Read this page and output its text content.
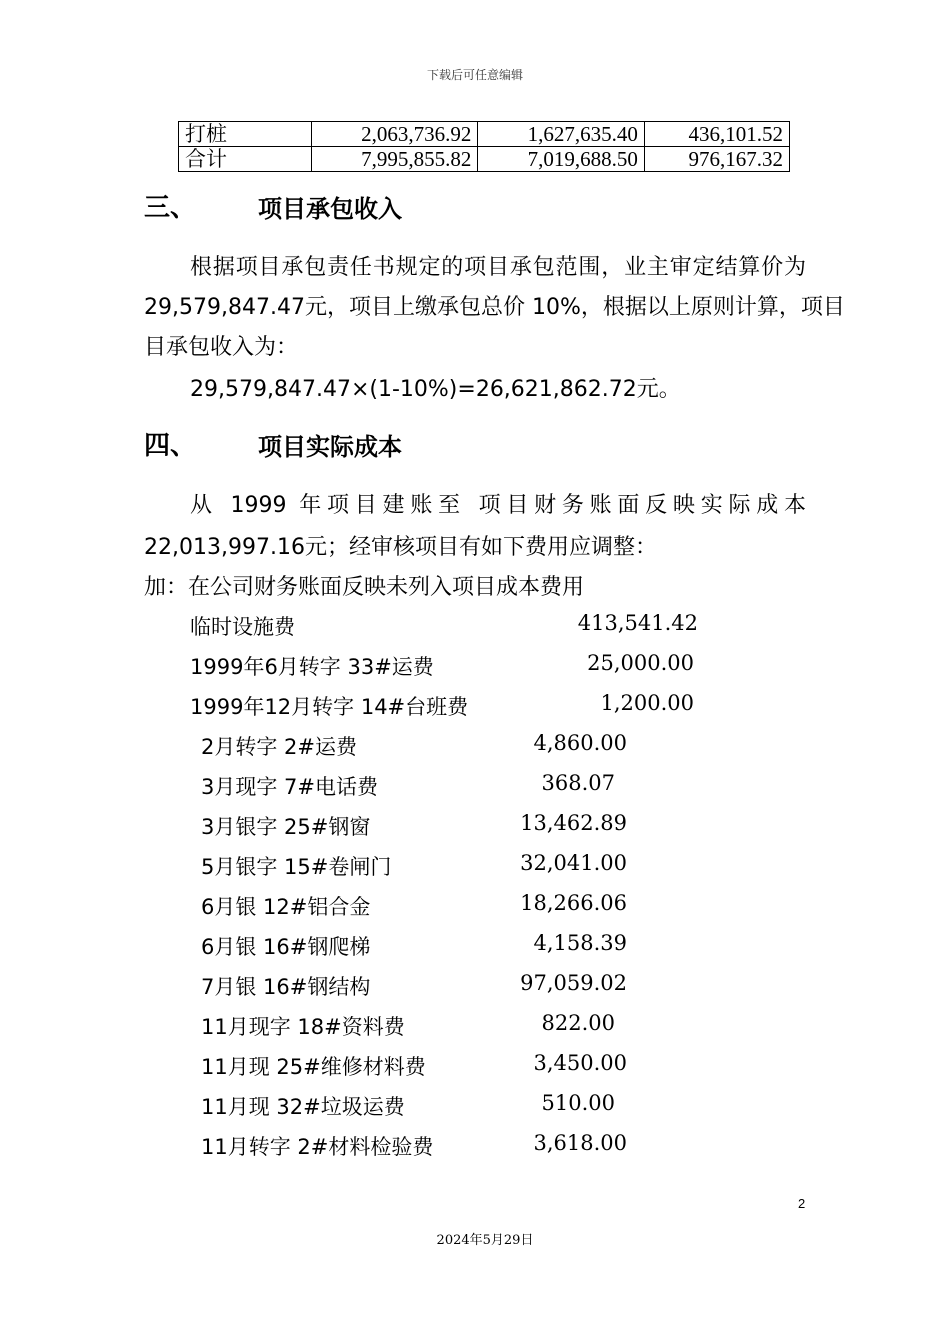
下载后可任意编辑
打桩	2,063,736.92	1,627,635.40	436,101.52
合计	7,995,855.82	7,019,688.50	976,167.32
三、	项目承包收入
根据项目承包责任书规定的项目承包范围，业主审定结算价为
29,579,847.47元，项目上缴承包总价 10%，根据以上原则计算，项目
目承包收入为：
29,579,847.47×(1-10%)=26,621,862.72元。
四、	项目实际成本
从 1999 年项目建账至 项目财务账面反映实际成本
22,013,997.16元；经审核项目有如下费用应调整：
加：在公司财务账面反映未列入项目成本费用
临时设施费	413,541.42
1999年6月转字 33#运费	25,000.00
1999年12月转字 14#台班费	1,200.00
2月转字 2#运费	4,860.00
3月现字 7#电话费	368.07
3月银字 25#钢窗	13,462.89
5月银字 15#卷闸门	32,041.00
6月银 12#铝合金	18,266.06
6月银 16#钢爬梯	4,158.39
7月银 16#钢结构	97,059.02
11月现字 18#资料费	822.00
11月现 25#维修材料费	3,450.00
11月现 32#垃圾运费	510.00
11月转字 2#材料检验费	3,618.00
2
2024年5月29日
